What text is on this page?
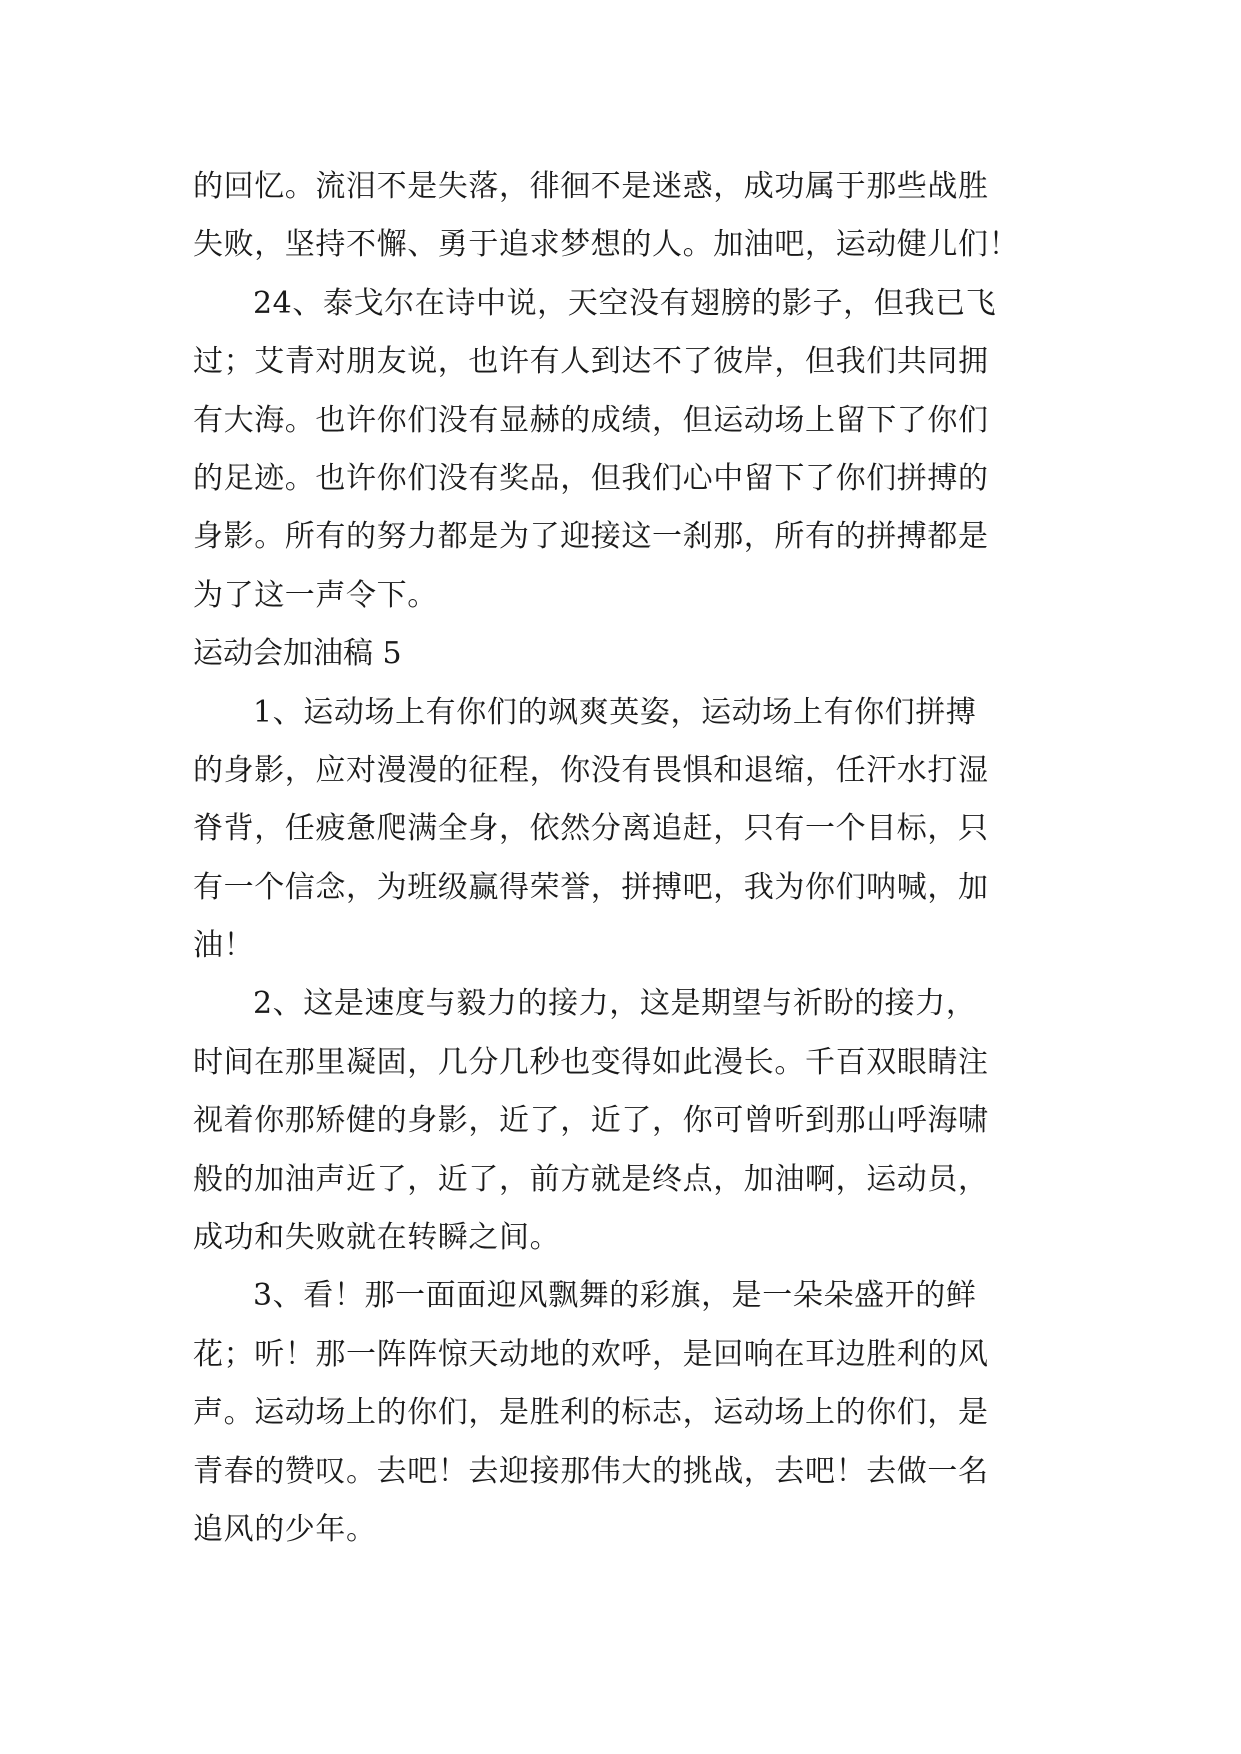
的回忆。流泪不是失落，徘徊不是迷惑，成功属于那些战胜
失败，坚持不懈、勇于追求梦想的人。加油吧，运动健儿们！
24、泰戈尔在诗中说，天空没有翅膀的影子，但我已飞
过；艾青对朋友说，也许有人到达不了彼岸，但我们共同拥
有大海。也许你们没有显赫的成绩，但运动场上留下了你们
的足迹。也许你们没有奖品，但我们心中留下了你们拼搏的
身影。所有的努力都是为了迎接这一刹那，所有的拼搏都是
为了这一声令下。
运动会加油稿 5
1、运动场上有你们的飒爽英姿，运动场上有你们拼搏
的身影，应对漫漫的征程，你没有畏惧和退缩，任汗水打湿
脊背，任疲惫爬满全身，依然分离追赶，只有一个目标，只
有一个信念，为班级赢得荣誉，拼搏吧，我为你们呐喊，加
油！
2、这是速度与毅力的接力，这是期望与祈盼的接力，
时间在那里凝固，几分几秒也变得如此漫长。千百双眼睛注
视着你那矫健的身影，近了，近了，你可曾听到那山呼海啸
般的加油声近了，近了，前方就是终点，加油啊，运动员，
成功和失败就在转瞬之间。
3、看！那一面面迎风飘舞的彩旗，是一朵朵盛开的鲜
花；听！那一阵阵惊天动地的欢呼，是回响在耳边胜利的风
声。运动场上的你们，是胜利的标志，运动场上的你们，是
青春的赞叹。去吧！去迎接那伟大的挑战，去吧！去做一名
追风的少年。
